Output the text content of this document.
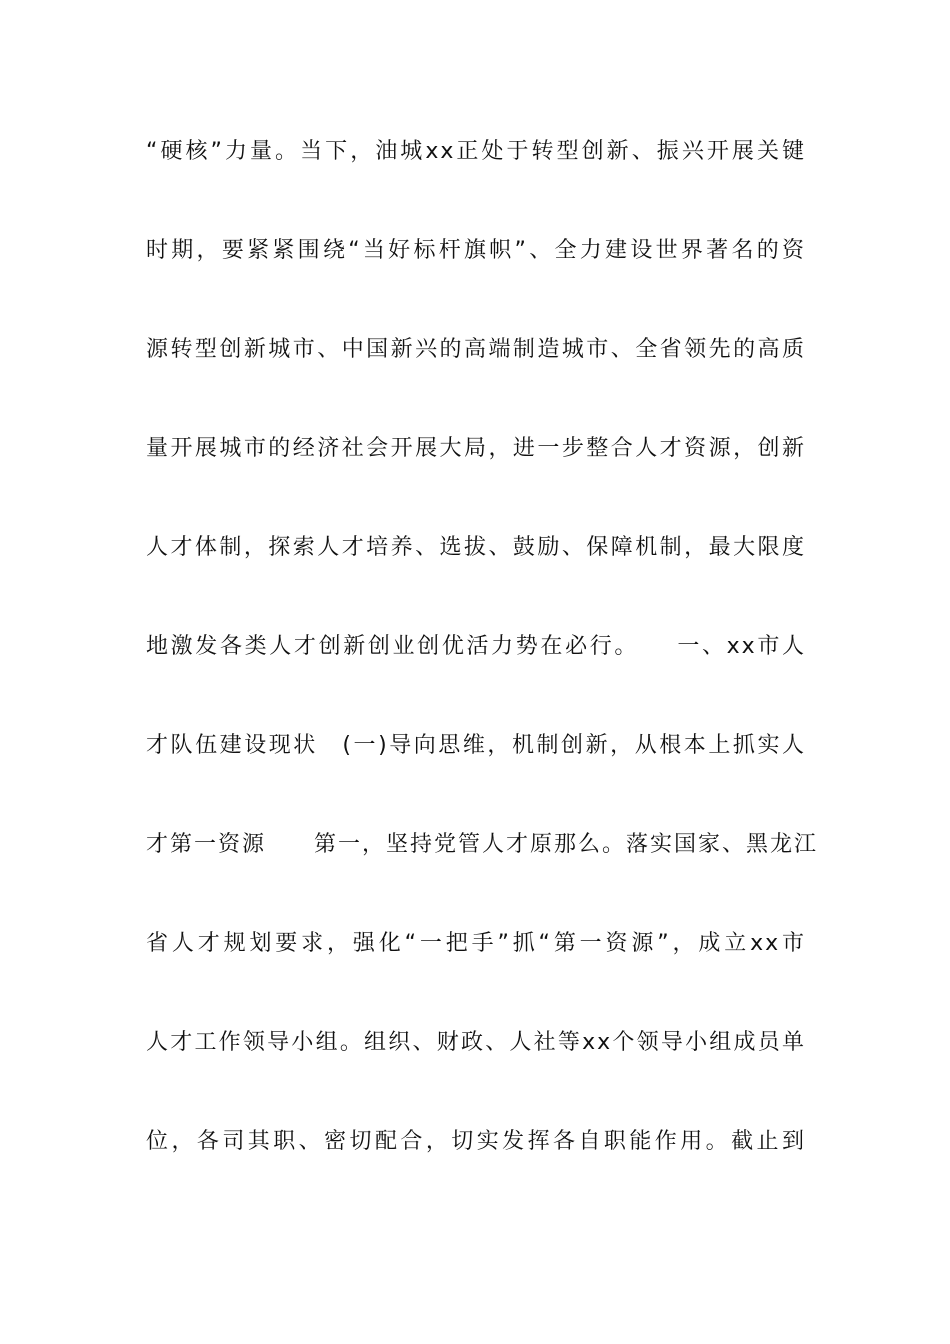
“硬核”力量。当下，油城xx正处于转型创新、振兴开展关键
时期，要紧紧围绕“当好标杆旗帜”、全力建设世界著名的资
源转型创新城市、中国新兴的高端制造城市、全省领先的高质
量开展城市的经济社会开展大局，进一步整合人才资源，创新
人才体制，探索人才培养、选拔、鼓励、保障机制，最大限度
地激发各类人才创新创业创优活力势在必行。　　一、xx市人
才队伍建设现状　(一)导向思维，机制创新，从根本上抓实人
才第一资源　　第一，坚持党管人才原那么。落实国家、黑龙江
省人才规划要求，强化“一把手”抓“第一资源”，成立xx市
人才工作领导小组。组织、财政、人社等xx个领导小组成员单
位，各司其职、密切配合，切实发挥各自职能作用。截止到
